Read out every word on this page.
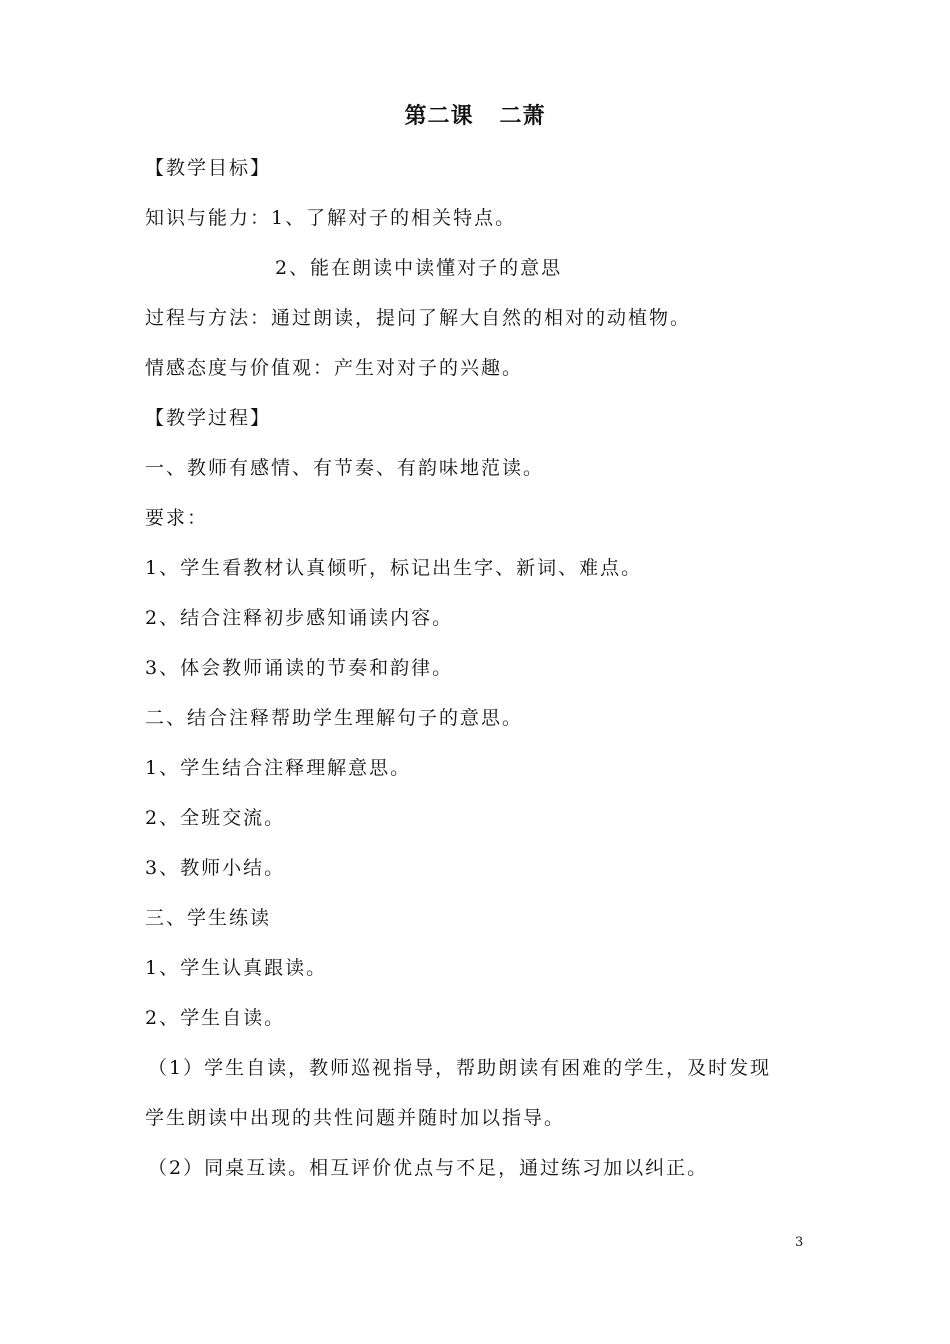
第二课   二萧
【教学目标】
知识与能力：1、了解对子的相关特点。
2、能在朗读中读懂对子的意思
过程与方法：通过朗读，提问了解大自然的相对的动植物。
情感态度与价值观：产生对对子的兴趣。
【教学过程】
一、教师有感情、有节奏、有韵味地范读。
要求：
1、学生看教材认真倾听，标记出生字、新词、难点。
2、结合注释初步感知诵读内容。
3、体会教师诵读的节奏和韵律。
二、结合注释帮助学生理解句子的意思。
1、学生结合注释理解意思。
2、全班交流。
3、教师小结。
三、学生练读
1、学生认真跟读。
2、学生自读。
（1）学生自读，教师巡视指导，帮助朗读有困难的学生，及时发现
学生朗读中出现的共性问题并随时加以指导。
（2）同桌互读。相互评价优点与不足，通过练习加以纠正。
3
